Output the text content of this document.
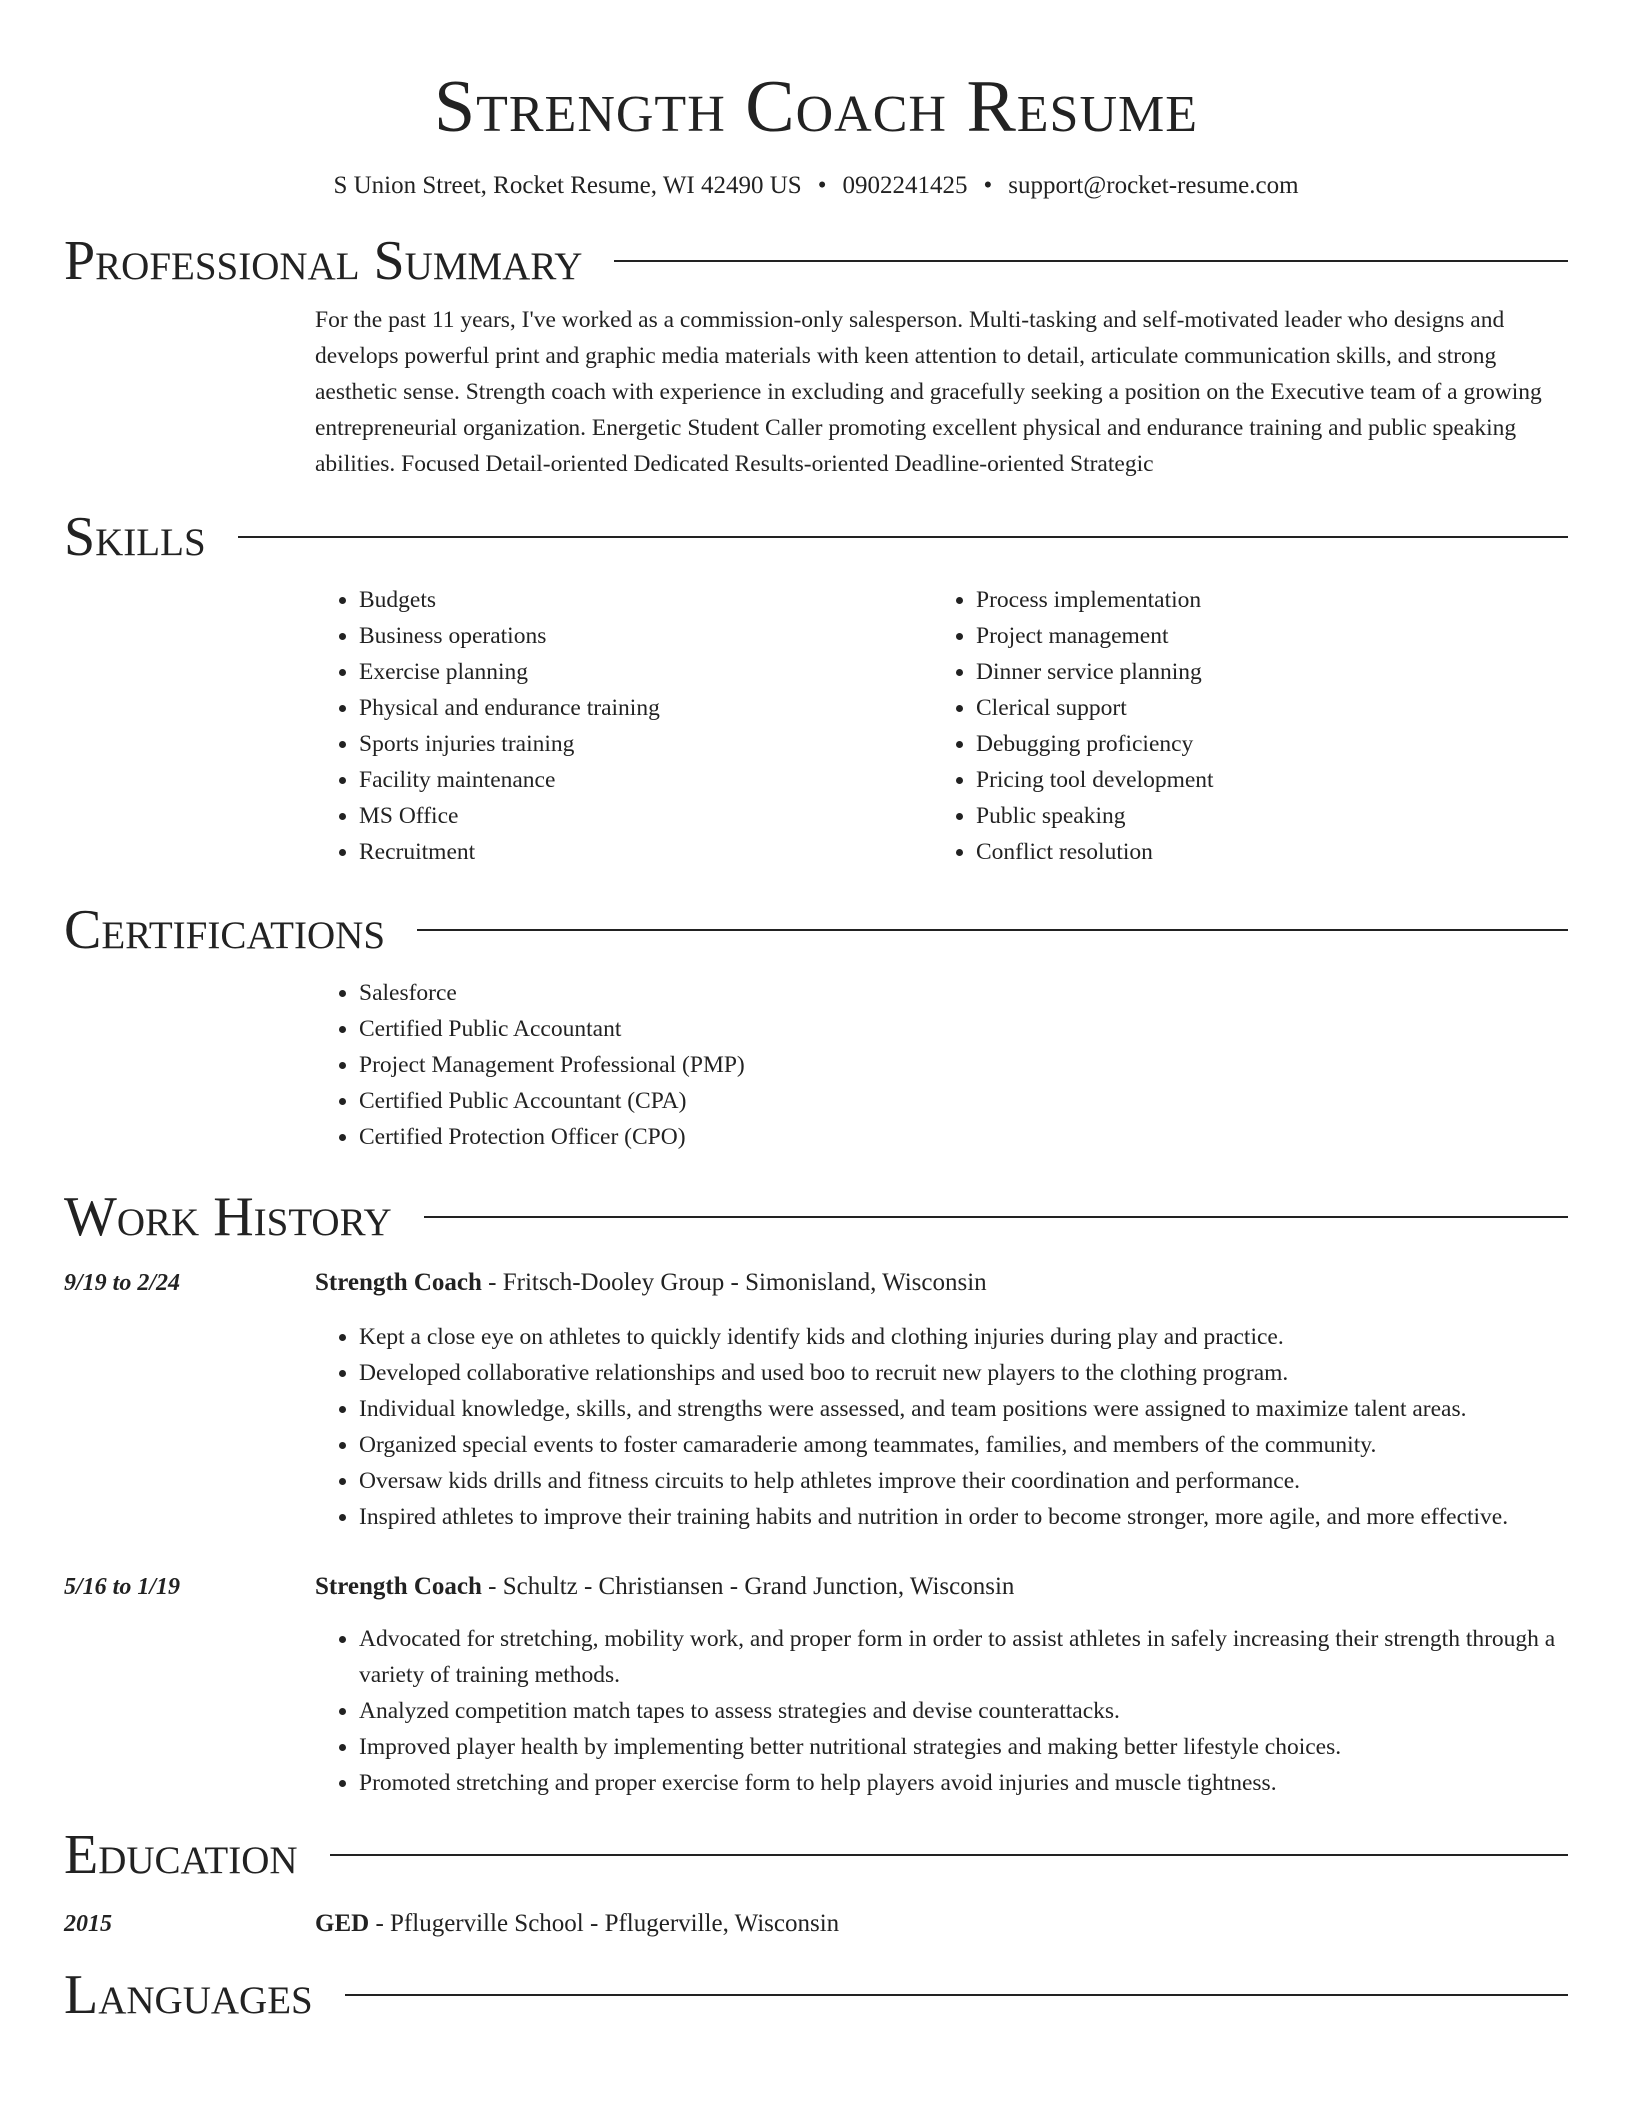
Strength Coach Resume
S Union Street, Rocket Resume, WI 42490 US • 0902241425 • support@rocket-resume.com
Professional Summary
For the past 11 years, I've worked as a commission-only salesperson. Multi-tasking and self-motivated leader who designs and develops powerful print and graphic media materials with keen attention to detail, articulate communication skills, and strong aesthetic sense. Strength coach with experience in excluding and gracefully seeking a position on the Executive team of a growing entrepreneurial organization. Energetic Student Caller promoting excellent physical and endurance training and public speaking abilities. Focused Detail-oriented Dedicated Results-oriented Deadline-oriented Strategic
Skills
• Budgets
• Business operations
• Exercise planning
• Physical and endurance training
• Sports injuries training
• Facility maintenance
• MS Office
• Recruitment
• Process implementation
• Project management
• Dinner service planning
• Clerical support
• Debugging proficiency
• Pricing tool development
• Public speaking
• Conflict resolution
Certifications
• Salesforce
• Certified Public Accountant
• Project Management Professional (PMP)
• Certified Public Accountant (CPA)
• Certified Protection Officer (CPO)
Work History
9/19 to 2/24	Strength Coach - Fritsch-Dooley Group - Simonisland, Wisconsin
• Kept a close eye on athletes to quickly identify kids and clothing injuries during play and practice.
• Developed collaborative relationships and used boo to recruit new players to the clothing program.
• Individual knowledge, skills, and strengths were assessed, and team positions were assigned to maximize talent areas.
• Organized special events to foster camaraderie among teammates, families, and members of the community.
• Oversaw kids drills and fitness circuits to help athletes improve their coordination and performance.
• Inspired athletes to improve their training habits and nutrition in order to become stronger, more agile, and more effective.
5/16 to 1/19	Strength Coach - Schultz - Christiansen - Grand Junction, Wisconsin
• Advocated for stretching, mobility work, and proper form in order to assist athletes in safely increasing their strength through a variety of training methods.
• Analyzed competition match tapes to assess strategies and devise counterattacks.
• Improved player health by implementing better nutritional strategies and making better lifestyle choices.
• Promoted stretching and proper exercise form to help players avoid injuries and muscle tightness.
Education
2015	GED - Pflugerville School - Pflugerville, Wisconsin
Languages
